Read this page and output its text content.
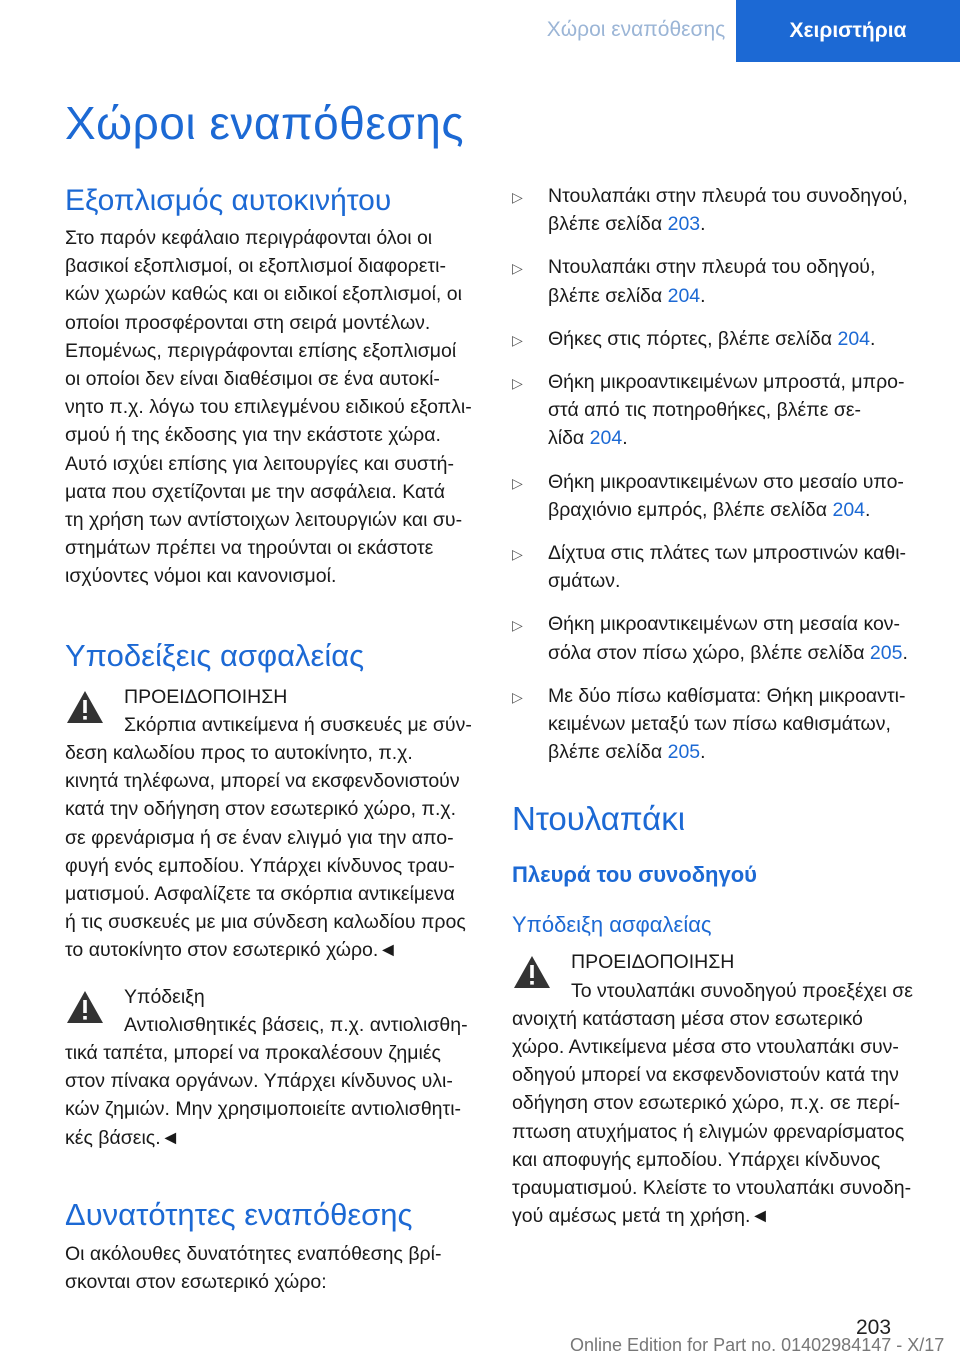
Χώροι εναπόθεσης	Χειριστήρια
Χώροι εναπόθεσης
Εξοπλισμός αυτοκινήτου

Στο παρόν κεφάλαιο περιγράφονται όλοι οι
βασικοί εξοπλισμοί, οι εξοπλισμοί διαφορετι‐
κών χωρών καθώς και οι ειδικοί εξοπλισμοί, οι
οποίοι προσφέρονται στη σειρά μοντέλων.
Επομένως, περιγράφονται επίσης εξοπλισμοί
οι οποίοι δεν είναι διαθέσιμοι σε ένα αυτοκί‐
νητο π.χ. λόγω του επιλεγμένου ειδικού εξοπλι‐
σμού ή της έκδοσης για την εκάστοτε χώρα.
Αυτό ισχύει επίσης για λειτουργίες και συστή‐
ματα που σχετίζονται με την ασφάλεια. Κατά
τη χρήση των αντίστοιχων λειτουργιών και συ‐
στημάτων πρέπει να τηρούνται οι εκάστοτε
ισχύοντες νόμοι και κανονισμοί.

Υποδείξεις ασφαλείας
ΠΡΟΕΙΔΟΠΟΙΗΣΗ
Σκόρπια αντικείμενα ή συσκευές με σύν‐

δεση καλωδίου προς το αυτοκίνητο, π.χ.
κινητά τηλέφωνα, μπορεί να εκσφενδονιστούν
κατά την οδήγηση στον εσωτερικό χώρο, π.χ.
σε φρενάρισμα ή σε έναν ελιγμό για την απο‐
φυγή ενός εμποδίου. Υπάρχει κίνδυνος τραυ‐
ματισμού. Ασφαλίζετε τα σκόρπια αντικείμενα
ή τις συσκευές με μια σύνδεση καλωδίου προς
το αυτοκίνητο στον εσωτερικό χώρο.◄

Υπόδειξη
Αντιολισθητικές βάσεις, π.χ. αντιολισθη‐

τικά ταπέτα, μπορεί να προκαλέσουν ζημιές
στον πίνακα οργάνων. Υπάρχει κίνδυνος υλι‐
κών ζημιών. Μην χρησιμοποιείτε αντιολισθητι‐
κές βάσεις.◄

Δυνατότητες εναπόθεσης

Οι ακόλουθες δυνατότητες εναπόθεσης βρί‐
σκονται στον εσωτερικό χώρο:

▷ Ντουλαπάκι στην πλευρά του συνοδηγού,
βλέπε σελίδα 203.
▷ Ντουλαπάκι στην πλευρά του οδηγού,
βλέπε σελίδα 204.
▷ Θήκες στις πόρτες, βλέπε σελίδα 204.
▷ Θήκη μικροαντικειμένων μπροστά, μπρο‐
στά από τις ποτηροθήκες, βλέπε σε‐
λίδα 204.
▷ Θήκη μικροαντικειμένων στο μεσαίο υπο‐
βραχιόνιο εμπρός, βλέπε σελίδα 204.
▷ Δίχτυα στις πλάτες των μπροστινών καθι‐
σμάτων.
▷ Θήκη μικροαντικειμένων στη μεσαία κον‐
σόλα στον πίσω χώρο, βλέπε σελίδα 205.
▷ Με δύο πίσω καθίσματα: Θήκη μικροαντι‐
κειμένων μεταξύ των πίσω καθισμάτων,
βλέπε σελίδα 205.
Ντουλαπάκι
Πλευρά του συνοδηγού
Υπόδειξη ασφαλείας
ΠΡΟΕΙΔΟΠΟΙΗΣΗ
Το ντουλαπάκι συνοδηγού προεξέχει σε

ανοιχτή κατάσταση μέσα στον εσωτερικό
χώρο. Αντικείμενα μέσα στο ντουλαπάκι συν‐
οδηγού μπορεί να εκσφενδονιστούν κατά την
οδήγηση στον εσωτερικό χώρο, π.χ. σε περί‐
πτωση ατυχήματος ή ελιγμών φρεναρίσματος
και αποφυγής εμποδίου. Υπάρχει κίνδυνος
τραυματισμού. Κλείστε το ντουλαπάκι συνοδη‐
γού αμέσως μετά τη χρήση.◄

203
Online Edition for Part no. 01402984147 - X/17
